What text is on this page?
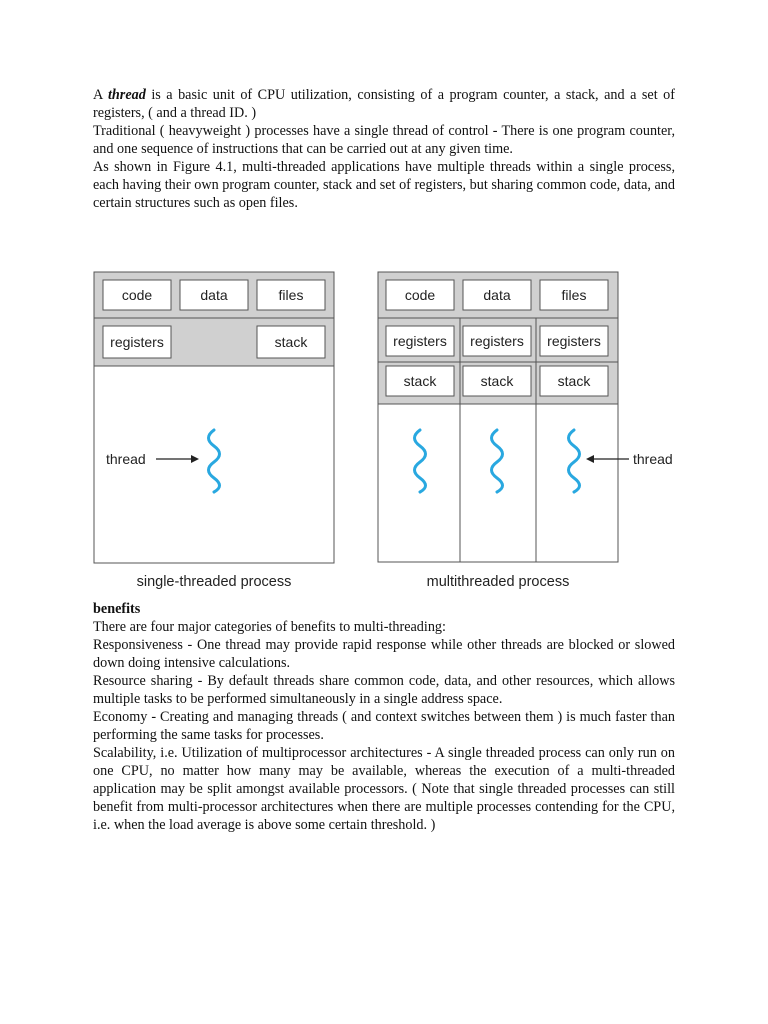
A thread is a basic unit of CPU utilization, consisting of a program counter, a stack, and a set of registers, ( and a thread ID. )

Traditional ( heavyweight ) processes have a single thread of control - There is one program counter, and one sequence of instructions that can be carried out at any given time.

As shown in Figure 4.1, multi-threaded applications have multiple threads within a single process, each having their own program counter, stack and set of registers, but sharing common code, data, and certain structures such as open files.

code	data	files
registers	stack
thread
single-threaded process
code	data	files
registers registers registers
stack	stack	stack
thread
multithreaded process

benefits

There are four major categories of benefits to multi-threading:

Responsiveness - One thread may provide rapid response while other threads are blocked or slowed down doing intensive calculations.

Resource sharing - By default threads share common code, data, and other resources, which allows multiple tasks to be performed simultaneously in a single address space.

Economy - Creating and managing threads ( and context switches between them ) is much faster than performing the same tasks for processes.

Scalability, i.e. Utilization of multiprocessor architectures - A single threaded process can only run on one CPU, no matter how many may be available, whereas the execution of a multi-threaded application may be split amongst available processors. ( Note that single threaded processes can still benefit from multi-processor architectures when there are multiple processes contending for the CPU, i.e. when the load average is above some certain threshold. )
